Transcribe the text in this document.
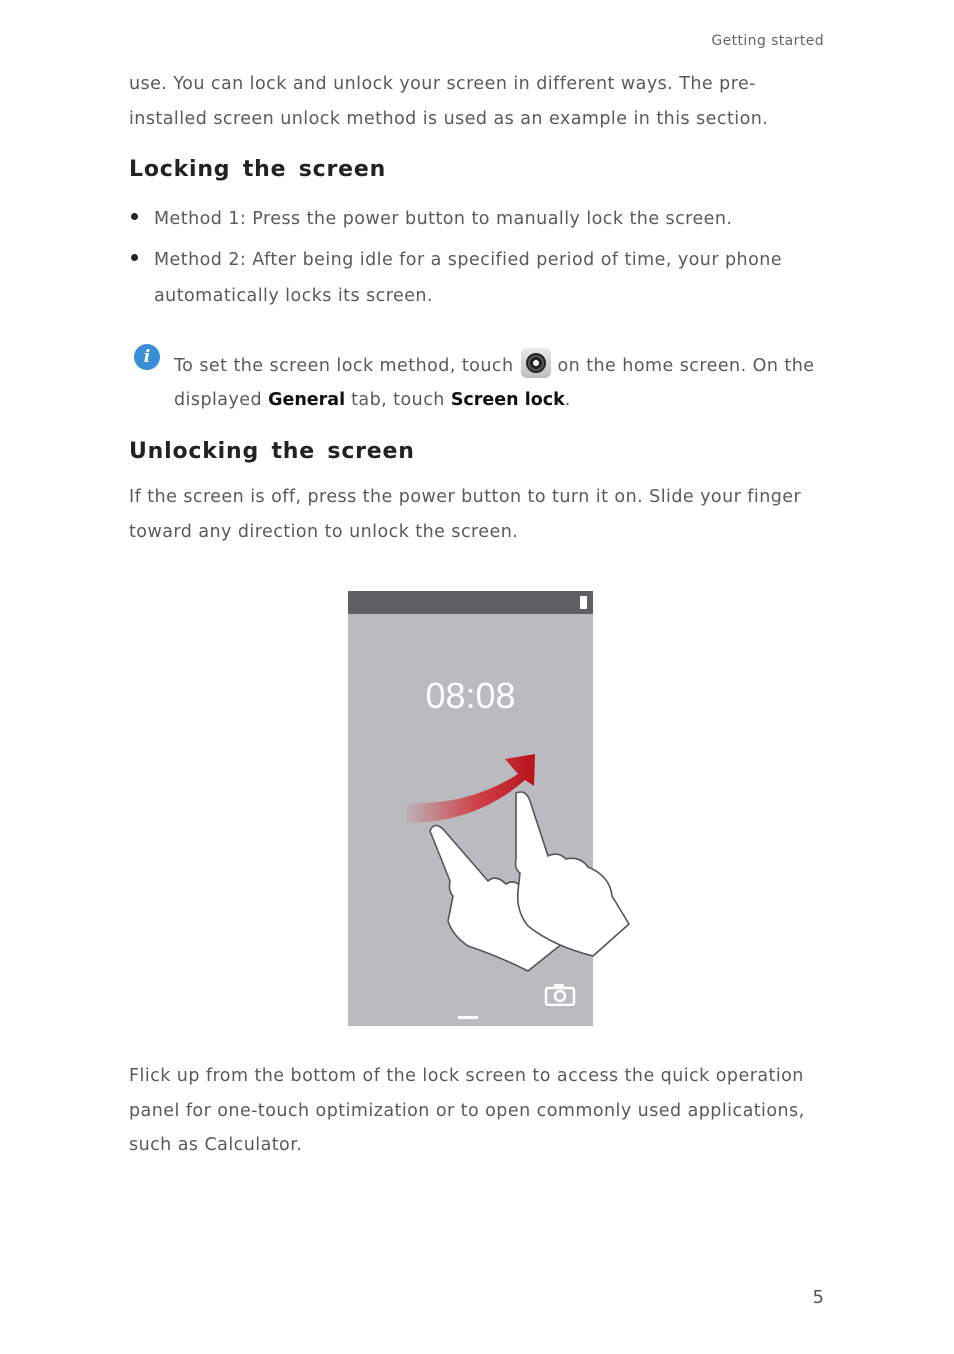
Getting started
use. You can lock and unlock your screen in different ways. The pre-installed screen unlock method is used as an example in this section.
Locking the screen
Method 1: Press the power button to manually lock the screen.
Method 2: After being idle for a specified period of time, your phone automatically locks its screen.
i	To set the screen lock method, touch	on the home screen. On the displayed General tab, touch Screen lock.
Unlocking the screen
If the screen is off, press the power button to turn it on. Slide your finger toward any direction to unlock the screen.
08:08
Flick up from the bottom of the lock screen to access the quick operation panel for one-touch optimization or to open commonly used applications, such as Calculator.
5
